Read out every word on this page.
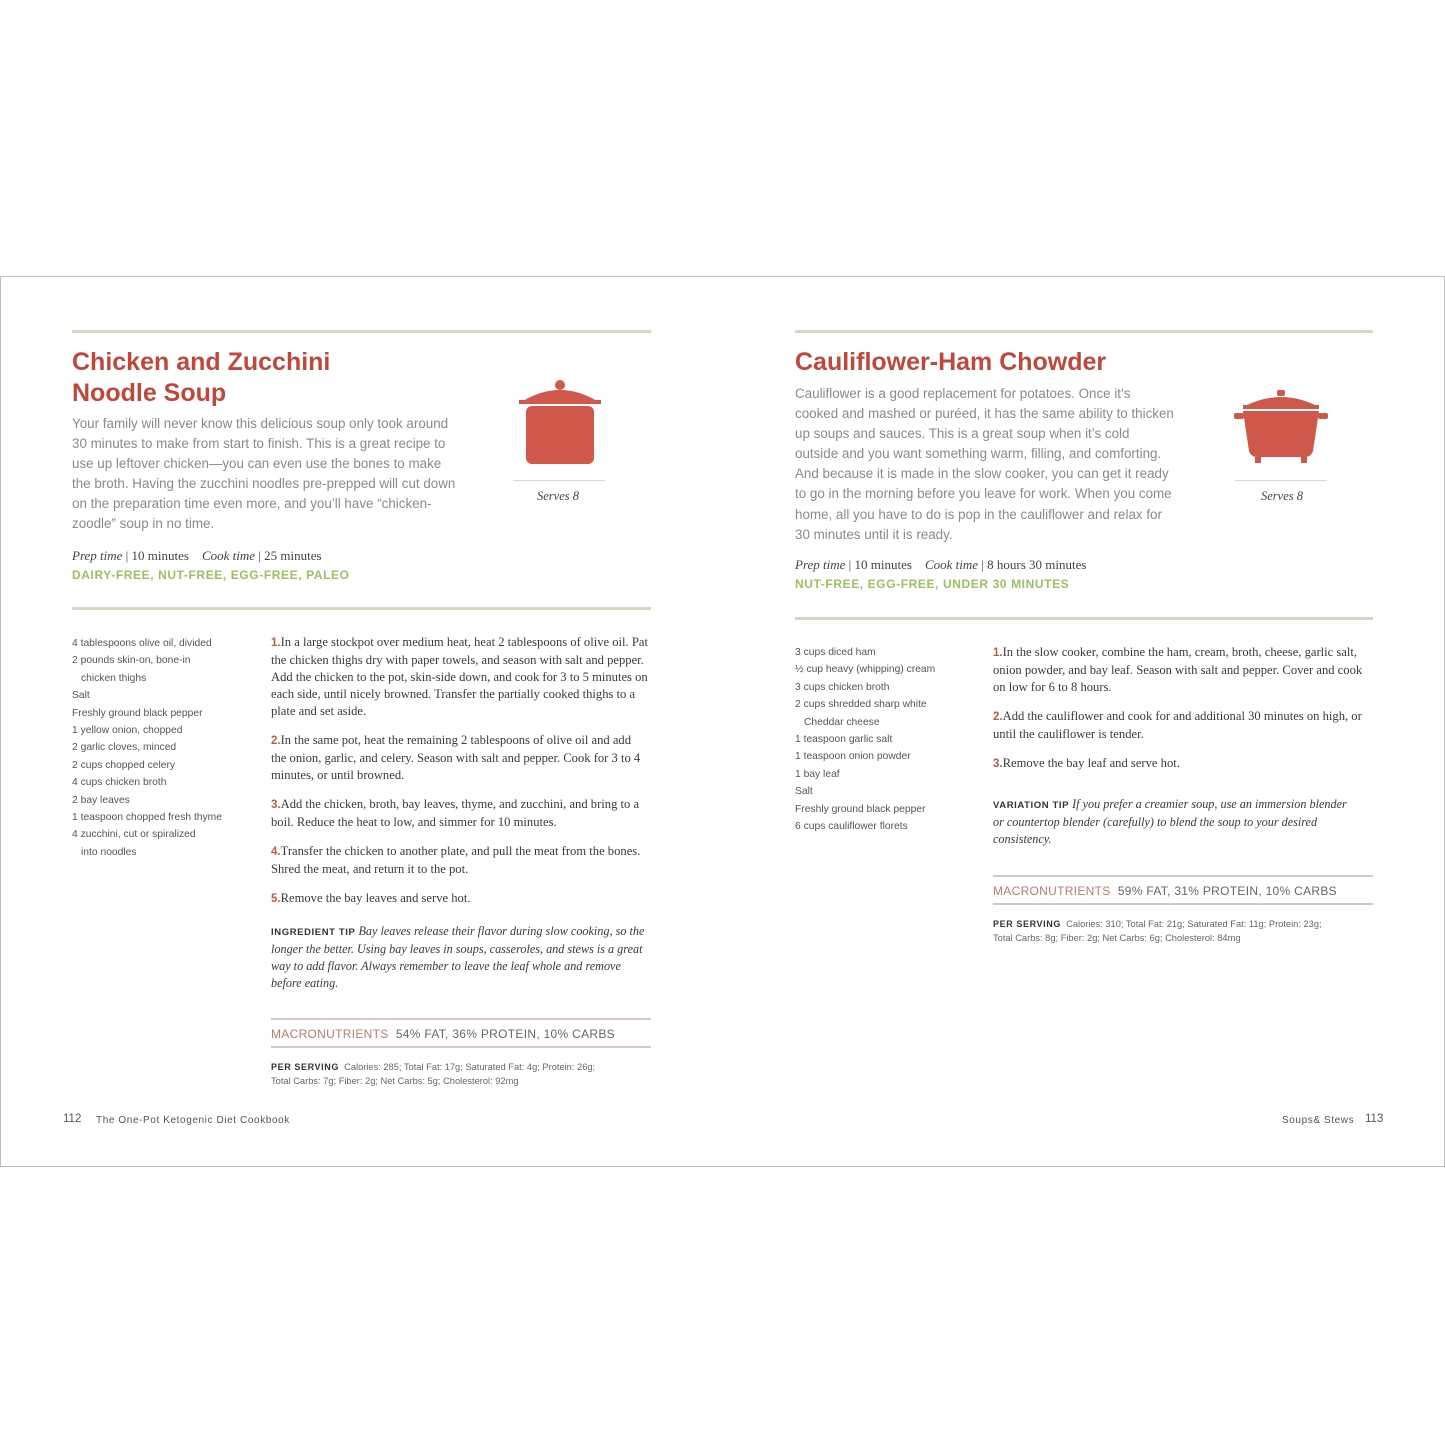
Chicken and Zucchini
Noodle Soup

Your family will never know this delicious soup only took around 30 minutes to make from start to finish. This is a great recipe to use up leftover chicken—you can even use the bones to make the broth. Having the zucchini noodles pre-prepped will cut down on the preparation time even more, and you’ll have “chicken-zoodle” soup in no time.

Serves 8
Prep time | 10 minutes Cook time | 25 minutes
DAIRY-FREE, NUT-FREE, EGG-FREE, PALEO
4 tablespoons olive oil, divided
2 pounds skin-on, bone-in
chicken thighs
Salt
Freshly ground black pepper
1 yellow onion, chopped
2 garlic cloves, minced
2 cups chopped celery
4 cups chicken broth
2 bay leaves
1 teaspoon chopped fresh thyme
4 zucchini, cut or spiralized
into noodles
1.In a large stockpot over medium heat, heat 2 tablespoons of olive oil. Pat the chicken thighs dry with paper towels, and season with salt and pepper. Add the chicken to the pot, skin-side down, and cook for 3 to 5 minutes on each side, until nicely browned. Transfer the partially cooked thighs to a plate and set aside.
2.In the same pot, heat the remaining 2 tablespoons of olive oil and add the onion, garlic, and celery. Season with salt and pepper. Cook for 3 to 4 minutes, or until browned.
3.Add the chicken, broth, bay leaves, thyme, and zucchini, and bring to a boil. Reduce the heat to low, and simmer for 10 minutes.
4.Transfer the chicken to another plate, and pull the meat from the bones. Shred the meat, and return it to the pot.
5.Remove the bay leaves and serve hot.

INGREDIENT TIP Bay leaves release their flavor during slow cooking, so the longer the better. Using bay leaves in soups, casseroles, and stews is a great way to add flavor. Always remember to leave the leaf whole and remove before eating.

MACRONUTRIENTS 54% FAT, 36% PROTEIN, 10% CARBS

PER SERVING Calories: 285; Total Fat: 17g; Saturated Fat: 4g; Protein: 26g; Total Carbs: 7g; Fiber: 2g; Net Carbs: 5g; Cholesterol: 92mg

112 The One-Pot Ketogenic Diet Cookbook
Cauliflower-Ham Chowder

Cauliflower is a good replacement for potatoes. Once it’s cooked and mashed or puréed, it has the same ability to thicken up soups and sauces. This is a great soup when it’s cold outside and you want something warm, filling, and comforting. And because it is made in the slow cooker, you can get it ready to go in the morning before you leave for work. When you come home, all you have to do is pop in the cauliflower and relax for 30 minutes until it is ready.

Serves 8
Prep time | 10 minutes Cook time | 8 hours 30 minutes
NUT-FREE, EGG-FREE, UNDER 30 MINUTES
3 cups diced ham
½ cup heavy (whipping) cream
3 cups chicken broth
2 cups shredded sharp white
Cheddar cheese
1 teaspoon garlic salt
1 teaspoon onion powder
1 bay leaf
Salt
Freshly ground black pepper
6 cups cauliflower florets
1.In the slow cooker, combine the ham, cream, broth, cheese, garlic salt, onion powder, and bay leaf. Season with salt and pepper. Cover and cook on low for 6 to 8 hours.
2.Add the cauliflower and cook for and additional 30 minutes on high, or until the cauliflower is tender.
3.Remove the bay leaf and serve hot.

VARIATION TIP If you prefer a creamier soup, use an immersion blender or countertop blender (carefully) to blend the soup to your desired consistency.

MACRONUTRIENTS 59% FAT, 31% PROTEIN, 10% CARBS

PER SERVING Calories: 310; Total Fat: 21g; Saturated Fat: 11g; Protein: 23g; Total Carbs: 8g; Fiber: 2g; Net Carbs: 6g; Cholesterol: 84mg

Soups& Stews 113
